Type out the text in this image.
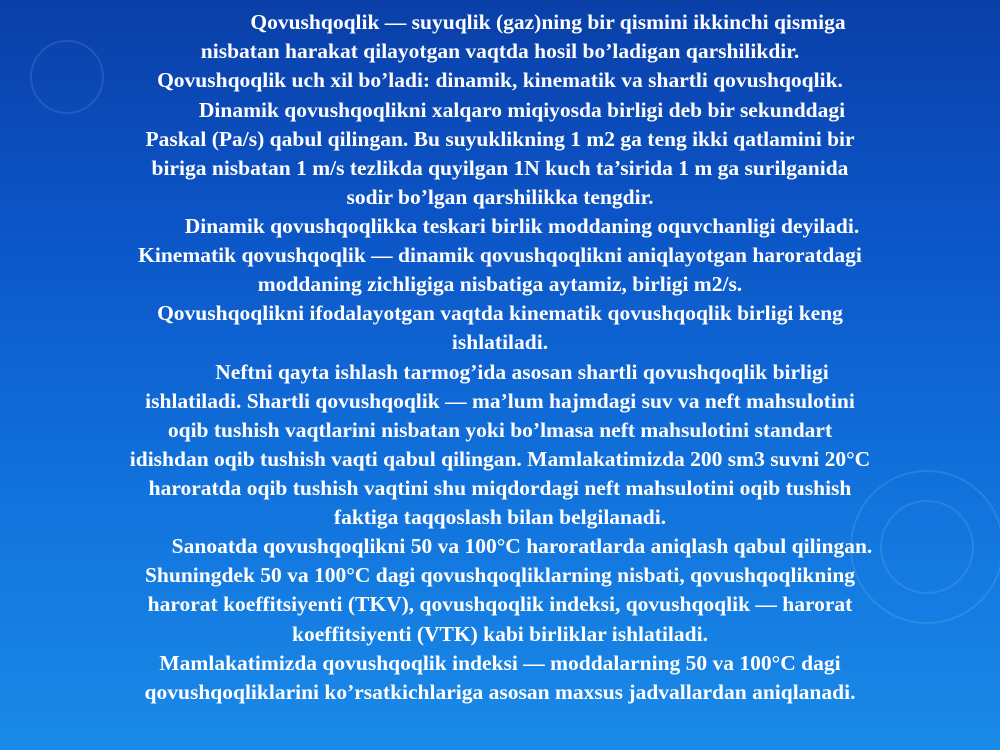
Qovushqoqlik — suyuqlik (gaz)ning bir qismini ikkinchi qismiga
nisbatan harakat qilayotgan vaqtda hosil bo’ladigan qarshilikdir.
Qovushqoqlik uch xil bo’ladi: dinamik, kinematik va shartli qovushqoqlik.
Dinamik qovushqoqlikni xalqaro miqiyosda birligi deb bir sekunddagi
Paskal (Pa/s) qabul qilingan. Bu suyuklikning 1 m2 ga teng ikki qatlamini bir
biriga nisbatan 1 m/s tezlikda quyilgan 1N kuch ta’sirida 1 m ga surilganida
sodir bo’lgan qarshilikka tengdir.
Dinamik qovushqoqlikka teskari birlik moddaning oquvchanligi deyiladi.
Kinematik qovushqoqlik — dinamik qovushqoqlikni aniqlayotgan haroratdagi
moddaning zichligiga nisbatiga aytamiz, birligi m2/s.
Qovushqoqlikni ifodalayotgan vaqtda kinematik qovushqoqlik birligi keng
ishlatiladi.
Neftni qayta ishlash tarmog’ida asosan shartli qovushqoqlik birligi
ishlatiladi. Shartli qovushqoqlik — ma’lum hajmdagi suv va neft mahsulotini
oqib tushish vaqtlarini nisbatan yoki bo’lmasa neft mahsulotini standart
idishdan oqib tushish vaqti qabul qilingan. Mamlakatimizda 200 sm3 suvni 20°C
haroratda oqib tushish vaqtini shu miqdordagi neft mahsulotini oqib tushish
faktiga taqqoslash bilan belgilanadi.
Sanoatda qovushqoqlikni 50 va 100°C haroratlarda aniqlash qabul qilingan.
Shuningdek 50 va 100°C dagi qovushqoqliklarning nisbati, qovushqoqlikning
harorat koeffitsiyenti (TKV), qovushqoqlik indeksi, qovushqoqlik — harorat
koeffitsiyenti (VTK) kabi birliklar ishlatiladi.
Mamlakatimizda qovushqoqlik indeksi — moddalarning 50 va 100°C dagi
qovushqoqliklarini ko’rsatkichlariga asosan maxsus jadvallardan aniqlanadi.
